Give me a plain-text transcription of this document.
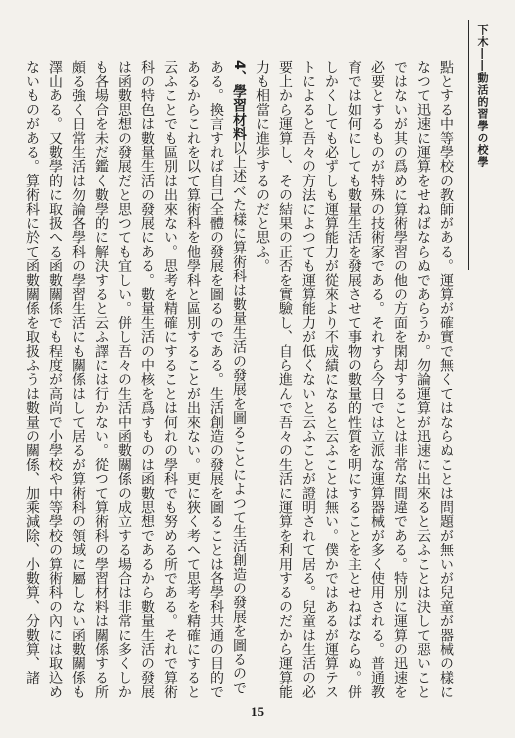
下木――動活的習學の校學

點とする中等學校の教師がある。運算が確實で無くてはならぬことは問題が無いが兒童が器械の樣になつて迅速に運算をせねばならぬであらうか。勿論運算が迅速に出來ると云ふことは決して惡いことではないが其の爲めに算術學習の他の方面を閑却することは非常な間違である。特別に運算の迅速を必要とするものが特殊の技術家である。それすら今日では立派な運算器械が多く使用される。普通教育では如何にしても數量生活を發展させて事物の數量的性質を明にすることを主とせねばならぬ。併しかくしても必ずしも運算能力が從來より不成績になると云ふことは無い。僕かではあるが運算テストによると吾々の方法によつても運算能力が低くないと云ふことが證明されて居る。兒童は生活の必要上から運算し、その結果の正否を實驗し、自ら進んで吾々の生活に運算を利用するのだから運算能力も相當に進歩するのだと思ふ。

4、學習材料以上述べた樣に算術科は數量生活の發展を圖ることによつて生活創造の發展を圖るのである。換言すれば自己全體の發展を圖るのである。生活創造の發展を圖ることは各學科共通の目的であるからこれを以て算術科を他學科と區別することが出來ない。更に狹く考へて思考を精確にすると云ふことでも區別は出來ない。思考を精確にすることは何れの學科でも努める所である。それで算術科の特色は數量生活の發展にある。數量生活の中核を爲すものは函數思想であるから數量生活の發展は函數思想の發展だと思つても宜しい。併し吾々の生活中函數關係の成立する場合は非常に多くしかも各場合を未だ鑑く數學的に解決すると云ふ譯には行かない。從つて算術科の學習材料は關係する所頗る強く日常生活は勿論各學科の學習生活にも關係はして居るが算術科の領域に屬しない函數關係も澤山ある。又數學的に取扱へる函數關係でも程度が高尚で小學校や中等學校の算術科の內には取込めないものがある。算術科に於て函數關係を取扱ふうは數量の關係、加乘減除、小數算、分數算、諸

15
